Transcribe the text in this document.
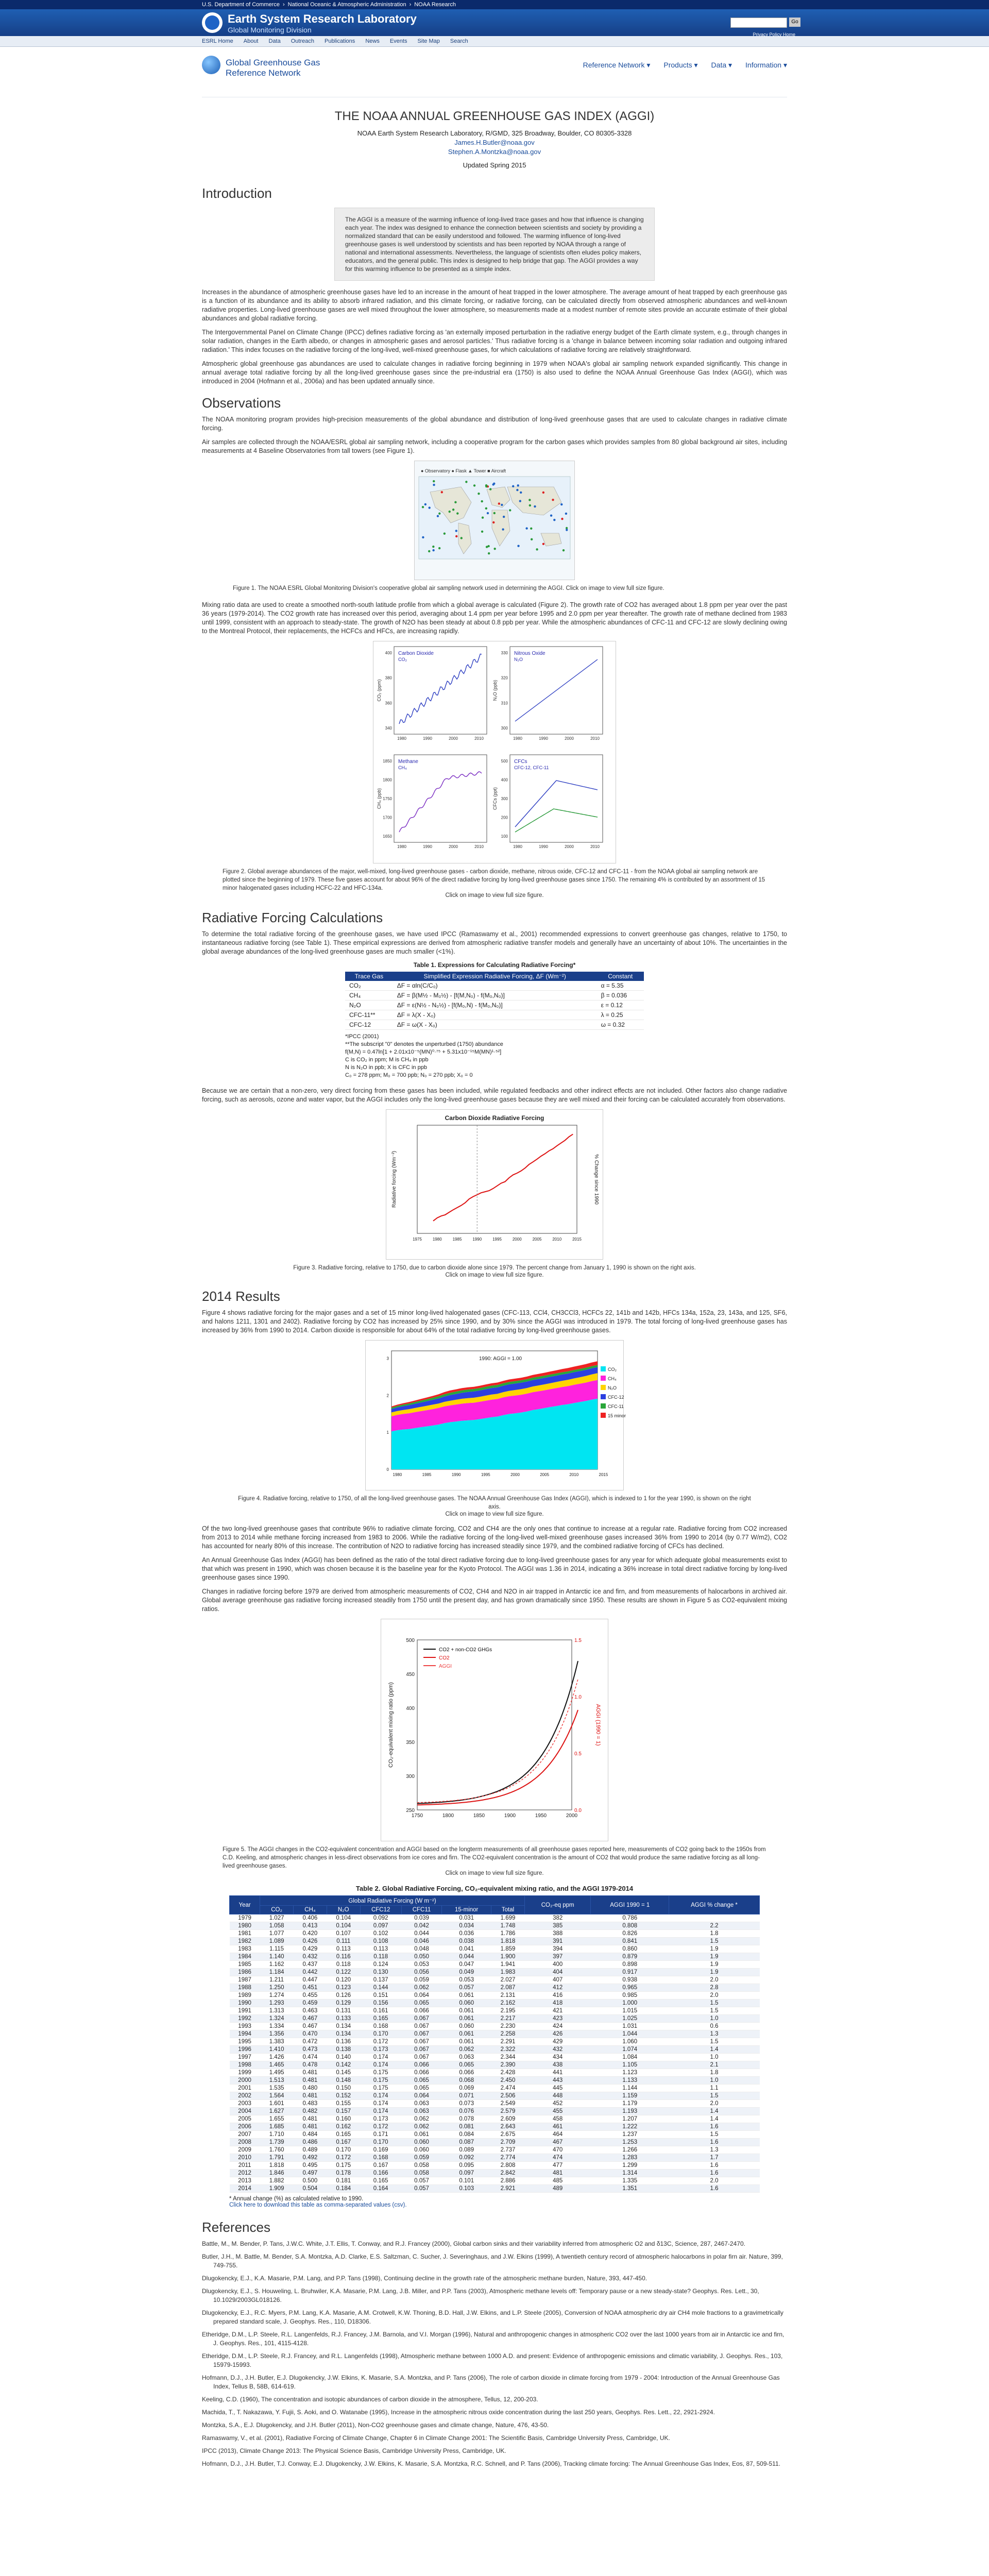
U.S. Department of Commerce › National Oceanic & Atmospheric Administration › NOAA Research
Earth System Research Laboratory
Global Monitoring Division
Go
Privacy Policy Home
ESRL Home About Data Outreach Publications News Events Site Map Search
Global Greenhouse Gas
Reference Network
Reference Network ▾ Products ▾ Data ▾ Information ▾
THE NOAA ANNUAL GREENHOUSE GAS INDEX (AGGI)
NOAA Earth System Research Laboratory, R/GMD, 325 Broadway, Boulder, CO 80305-3328
James.H.Butler@noaa.gov
Stephen.A.Montzka@noaa.gov
Updated Spring 2015
Introduction
The AGGI is a measure of the warming influence of long-lived trace gases and how that influence is changing each year. The index was designed to enhance the connection between scientists and society by providing a normalized standard that can be easily understood and followed. The warming influence of long-lived greenhouse gases is well understood by scientists and has been reported by NOAA through a range of national and international assessments. Nevertheless, the language of scientists often eludes policy makers, educators, and the general public. This index is designed to help bridge that gap. The AGGI provides a way for this warming influence to be presented as a simple index.

Increases in the abundance of atmospheric greenhouse gases have led to an increase in the amount of heat trapped in the lower atmosphere. The average amount of heat trapped by each greenhouse gas is a function of its abundance and its ability to absorb infrared radiation, and this climate forcing, or radiative forcing, can be calculated directly from observed atmospheric abundances and well-known radiative properties. Long-lived greenhouse gases are well mixed throughout the lower atmosphere, so measurements made at a modest number of remote sites provide an accurate estimate of their global abundances and global radiative forcing.

The Intergovernmental Panel on Climate Change (IPCC) defines radiative forcing as 'an externally imposed perturbation in the radiative energy budget of the Earth climate system, e.g., through changes in solar radiation, changes in the Earth albedo, or changes in atmospheric gases and aerosol particles.' Thus radiative forcing is a 'change in balance between incoming solar radiation and outgoing infrared radiation.' This index focuses on the radiative forcing of the long-lived, well-mixed greenhouse gases, for which calculations of radiative forcing are relatively straightforward.

Atmospheric global greenhouse gas abundances are used to calculate changes in radiative forcing beginning in 1979 when NOAA's global air sampling network expanded significantly. This change in annual average total radiative forcing by all the long-lived greenhouse gases since the pre-industrial era (1750) is also used to define the NOAA Annual Greenhouse Gas Index (AGGI), which was introduced in 2004 (Hofmann et al., 2006a) and has been updated annually since.

Observations

The NOAA monitoring program provides high-precision measurements of the global abundance and distribution of long-lived greenhouse gases that are used to calculate changes in radiative climate forcing.

Air samples are collected through the NOAA/ESRL global air sampling network, including a cooperative program for the carbon gases which provides samples from 80 global background air sites, including measurements at 4 Baseline Observatories from tall towers (see Figure 1).

● Observatory ● Flask ▲ Tower ■ Aircraft
Figure 1. The NOAA ESRL Global Monitoring Division's cooperative global air sampling network used in determining the AGGI. Click on image to view full size figure.

Mixing ratio data are used to create a smoothed north-south latitude profile from which a global average is calculated (Figure 2). The growth rate of CO2 has averaged about 1.8 ppm per year over the past 36 years (1979-2014). The CO2 growth rate has increased over this period, averaging about 1.4 ppm per year before 1995 and 2.0 ppm per year thereafter. The growth rate of methane declined from 1983 until 1999, consistent with an approach to steady-state. The growth of N2O has been steady at about 0.8 ppb per year. While the atmospheric abundances of CFC-11 and CFC-12 are slowly declining owing to the Montreal Protocol, their replacements, the HCFCs and HFCs, are increasing rapidly.

Carbon Dioxide
CO₂
CO₂ (ppm)
400
380
360
340
1980	1990	2000	2010
Nitrous Oxide
N₂O
N₂O (ppb)
330
320
310
300
1980	1990	2000	2010
Methane
CH₄
CH₄ (ppb)
1850
1800
1750
1700
1650
1980	1990	2000	2010
CFCs
CFC-12, CFC-11
CFCs (ppt)
500
400
300
200
100
1980	1990	2000	2010
Figure 2. Global average abundances of the major, well-mixed, long-lived greenhouse gases - carbon dioxide, methane, nitrous oxide, CFC-12 and CFC-11 - from the NOAA global air sampling network are plotted since the beginning of 1979. These five gases account for about 96% of the direct radiative forcing by long-lived greenhouse gases since 1750. The remaining 4% is contributed by an assortment of 15 minor halogenated gases including HCFC-22 and HFC-134a.
Click on image to view full size figure.
Radiative Forcing Calculations

To determine the total radiative forcing of the greenhouse gases, we have used IPCC (Ramaswamy et al., 2001) recommended expressions to convert greenhouse gas changes, relative to 1750, to instantaneous radiative forcing (see Table 1). These empirical expressions are derived from atmospheric radiative transfer models and generally have an uncertainty of about 10%. The uncertainties in the global average abundances of the long-lived greenhouse gases are much smaller (<1%).

Table 1. Expressions for Calculating Radiative Forcing*
Trace Gas	Simplified Expression Radiative Forcing, ΔF (Wm⁻²)	Constant
CO₂	ΔF = αln(C/C₀)	α = 5.35
CH₄	ΔF = β(M½ - M₀½) - [f(M,N₀) - f(M₀,N₀)]	β = 0.036
N₂O	ΔF = ε(N½ - N₀½) - [f(M₀,N) - f(M₀,N₀)]	ε = 0.12
CFC-11**	ΔF = λ(X - X₀)	λ = 0.25
CFC-12	ΔF = ω(X - X₀)	ω = 0.32
*IPCC (2001)
**The subscript "0" denotes the unperturbed (1750) abundance
f(M,N) = 0.47ln[1 + 2.01x10⁻⁵(MN)⁰·⁷⁵ + 5.31x10⁻¹⁵M(MN)¹·⁵²]
C is CO₂ in ppm; M is CH₄ in ppb
N is N₂O in ppb; X is CFC in ppb
C₀ = 278 ppm; M₀ = 700 ppb; N₀ = 270 ppb; X₀ = 0

Because we are certain that a non-zero, very direct forcing from these gases has been included, while regulated feedbacks and other indirect effects are not included. Other factors also change radiative forcing, such as aerosols, ozone and water vapor, but the AGGI includes only the long-lived greenhouse gases because they are well mixed and their forcing can be calculated accurately from observations.

Carbon Dioxide Radiative Forcing
Radiative forcing (Wm⁻²)	% Change since 1990
1975	1980	1985	1990	1995	2000	2005	2010	2015
Figure 3. Radiative forcing, relative to 1750, due to carbon dioxide alone since 1979. The percent change from January 1, 1990 is shown on the right axis.
Click on image to view full size figure.
2014 Results

Figure 4 shows radiative forcing for the major gases and a set of 15 minor long-lived halogenated gases (CFC-113, CCl4, CH3CCl3, HCFCs 22, 141b and 142b, HFCs 134a, 152a, 23, 143a, and 125, SF6, and halons 1211, 1301 and 2402). Radiative forcing by CO2 has increased by 25% since 1990, and by 30% since the AGGI was introduced in 1979. The total forcing of long-lived greenhouse gases has increased by 36% from 1990 to 2014. Carbon dioxide is responsible for about 64% of the total radiative forcing by long-lived greenhouse gases.

1990: AGGI = 1.00
CO₂
CH₄
N₂O
CFC-12
CFC-11
15 minor
1980	1985	1990	1995	2000	2005	2010	2015
0
1
2
3
Figure 4. Radiative forcing, relative to 1750, of all the long-lived greenhouse gases. The NOAA Annual Greenhouse Gas Index (AGGI), which is indexed to 1 for the year 1990, is shown on the right axis.
Click on image to view full size figure.

Of the two long-lived greenhouse gases that contribute 96% to radiative climate forcing, CO2 and CH4 are the only ones that continue to increase at a regular rate. Radiative forcing from CO2 increased from 2013 to 2014 while methane forcing increased from 1983 to 2006. While the radiative forcing of the long-lived well-mixed greenhouse gases increased 36% from 1990 to 2014 (by 0.77 W/m2), CO2 has accounted for nearly 80% of this increase. The contribution of N2O to radiative forcing has increased steadily since 1979, and the combined radiative forcing of CFCs has declined.

An Annual Greenhouse Gas Index (AGGI) has been defined as the ratio of the total direct radiative forcing due to long-lived greenhouse gases for any year for which adequate global measurements exist to that which was present in 1990, which was chosen because it is the baseline year for the Kyoto Protocol. The AGGI was 1.36 in 2014, indicating a 36% increase in total direct radiative forcing by long-lived greenhouse gases since 1990.

Changes in radiative forcing before 1979 are derived from atmospheric measurements of CO2, CH4 and N2O in air trapped in Antarctic ice and firn, and from measurements of halocarbons in archived air. Global average greenhouse gas radiative forcing increased steadily from 1750 until the present day, and has grown dramatically since 1950. These results are shown in Figure 5 as CO2-equivalent mixing ratios.

CO₂-equivalent mixing ratio (ppm)	AGGI (1990 = 1)
1750	1800	1850	1900	1950	2000
500
450
400
350
300
250
1.5
1.0
0.5
0.0
CO2 + non-CO2 GHGs
CO2
AGGI
Figure 5. The AGGI changes in the CO2-equivalent concentration and AGGI based on the longterm measurements of all greenhouse gases reported here, measurements of CO2 going back to the 1950s from C.D. Keeling, and atmospheric changes in less-direct observations from ice cores and firn. The CO2-equivalent concentration is the amount of CO2 that would produce the same radiative forcing as all long-lived greenhouse gases.
Click on image to view full size figure.
Table 2. Global Radiative Forcing, CO₂-equivalent mixing ratio, and the AGGI 1979-2014
Year	Global Radiative Forcing (W m⁻²)							CO₂-eq ppm	AGGI 1990 = 1	AGGI % change *
	CO₂	CH₄	N₂O	CFC12	CFC11	15-minor	Total			
1979	1.027	0.406	0.104	0.092	0.039	0.031	1.699	382	0.786	
1980	1.058	0.413	0.104	0.097	0.042	0.034	1.748	385	0.808	2.2
1981	1.077	0.420	0.107	0.102	0.044	0.036	1.786	388	0.826	1.8
1982	1.089	0.426	0.111	0.108	0.046	0.038	1.818	391	0.841	1.5
1983	1.115	0.429	0.113	0.113	0.048	0.041	1.859	394	0.860	1.9
1984	1.140	0.432	0.116	0.118	0.050	0.044	1.900	397	0.879	1.9
1985	1.162	0.437	0.118	0.124	0.053	0.047	1.941	400	0.898	1.9
1986	1.184	0.442	0.122	0.130	0.056	0.049	1.983	404	0.917	1.9
1987	1.211	0.447	0.120	0.137	0.059	0.053	2.027	407	0.938	2.0
1988	1.250	0.451	0.123	0.144	0.062	0.057	2.087	412	0.965	2.8
1989	1.274	0.455	0.126	0.151	0.064	0.061	2.131	416	0.985	2.0
1990	1.293	0.459	0.129	0.156	0.065	0.060	2.162	418	1.000	1.5
1991	1.313	0.463	0.131	0.161	0.066	0.061	2.195	421	1.015	1.5
1992	1.324	0.467	0.133	0.165	0.067	0.061	2.217	423	1.025	1.0
1993	1.334	0.467	0.134	0.168	0.067	0.060	2.230	424	1.031	0.6
1994	1.356	0.470	0.134	0.170	0.067	0.061	2.258	426	1.044	1.3
1995	1.383	0.472	0.136	0.172	0.067	0.061	2.291	429	1.060	1.5
1996	1.410	0.473	0.138	0.173	0.067	0.062	2.322	432	1.074	1.4
1997	1.426	0.474	0.140	0.174	0.067	0.063	2.344	434	1.084	1.0
1998	1.465	0.478	0.142	0.174	0.066	0.065	2.390	438	1.105	2.1
1999	1.495	0.481	0.145	0.175	0.066	0.066	2.428	441	1.123	1.8
2000	1.513	0.481	0.148	0.175	0.065	0.068	2.450	443	1.133	1.0
2001	1.535	0.480	0.150	0.175	0.065	0.069	2.474	445	1.144	1.1
2002	1.564	0.481	0.152	0.174	0.064	0.071	2.506	448	1.159	1.5
2003	1.601	0.483	0.155	0.174	0.063	0.073	2.549	452	1.179	2.0
2004	1.627	0.482	0.157	0.174	0.063	0.076	2.579	455	1.193	1.4
2005	1.655	0.481	0.160	0.173	0.062	0.078	2.609	458	1.207	1.4
2006	1.685	0.481	0.162	0.172	0.062	0.081	2.643	461	1.222	1.6
2007	1.710	0.484	0.165	0.171	0.061	0.084	2.675	464	1.237	1.5
2008	1.739	0.486	0.167	0.170	0.060	0.087	2.709	467	1.253	1.6
2009	1.760	0.489	0.170	0.169	0.060	0.089	2.737	470	1.266	1.3
2010	1.791	0.492	0.172	0.168	0.059	0.092	2.774	474	1.283	1.7
2011	1.818	0.495	0.175	0.167	0.058	0.095	2.808	477	1.299	1.6
2012	1.846	0.497	0.178	0.166	0.058	0.097	2.842	481	1.314	1.6
2013	1.882	0.500	0.181	0.165	0.057	0.101	2.886	485	1.335	2.0
2014	1.909	0.504	0.184	0.164	0.057	0.103	2.921	489	1.351	1.6
* Annual change (%) as calculated relative to 1990.
Click here to download this table as comma-separated values (csv).
References

Battle, M., M. Bender, P. Tans, J.W.C. White, J.T. Ellis, T. Conway, and R.J. Francey (2000), Global carbon sinks and their variability inferred from atmospheric O2 and δ13C, Science, 287, 2467-2470.

Butler, J.H., M. Battle, M. Bender, S.A. Montzka, A.D. Clarke, E.S. Saltzman, C. Sucher, J. Severinghaus, and J.W. Elkins (1999), A twentieth century record of atmospheric halocarbons in polar firn air. Nature, 399, 749-755.

Dlugokencky, E.J., K.A. Masarie, P.M. Lang, and P.P. Tans (1998), Continuing decline in the growth rate of the atmospheric methane burden, Nature, 393, 447-450.

Dlugokencky, E.J., S. Houweling, L. Bruhwiler, K.A. Masarie, P.M. Lang, J.B. Miller, and P.P. Tans (2003), Atmospheric methane levels off: Temporary pause or a new steady-state? Geophys. Res. Lett., 30, 10.1029/2003GL018126.

Dlugokencky, E.J., R.C. Myers, P.M. Lang, K.A. Masarie, A.M. Crotwell, K.W. Thoning, B.D. Hall, J.W. Elkins, and L.P. Steele (2005), Conversion of NOAA atmospheric dry air CH4 mole fractions to a gravimetrically prepared standard scale, J. Geophys. Res., 110, D18306.

Etheridge, D.M., L.P. Steele, R.L. Langenfelds, R.J. Francey, J.M. Barnola, and V.I. Morgan (1996), Natural and anthropogenic changes in atmospheric CO2 over the last 1000 years from air in Antarctic ice and firn, J. Geophys. Res., 101, 4115-4128.

Etheridge, D.M., L.P. Steele, R.J. Francey, and R.L. Langenfelds (1998), Atmospheric methane between 1000 A.D. and present: Evidence of anthropogenic emissions and climatic variability, J. Geophys. Res., 103, 15979-15993.

Hofmann, D.J., J.H. Butler, E.J. Dlugokencky, J.W. Elkins, K. Masarie, S.A. Montzka, and P. Tans (2006), The role of carbon dioxide in climate forcing from 1979 - 2004: Introduction of the Annual Greenhouse Gas Index, Tellus B, 58B, 614-619.

Keeling, C.D. (1960), The concentration and isotopic abundances of carbon dioxide in the atmosphere, Tellus, 12, 200-203.

Machida, T., T. Nakazawa, Y. Fujii, S. Aoki, and O. Watanabe (1995), Increase in the atmospheric nitrous oxide concentration during the last 250 years, Geophys. Res. Lett., 22, 2921-2924.

Montzka, S.A., E.J. Dlugokencky, and J.H. Butler (2011), Non-CO2 greenhouse gases and climate change, Nature, 476, 43-50.

Ramaswamy, V., et al. (2001), Radiative Forcing of Climate Change, Chapter 6 in Climate Change 2001: The Scientific Basis, Cambridge University Press, Cambridge, UK.

IPCC (2013), Climate Change 2013: The Physical Science Basis, Cambridge University Press, Cambridge, UK.

Hofmann, D.J., J.H. Butler, T.J. Conway, E.J. Dlugokencky, J.W. Elkins, K. Masarie, S.A. Montzka, R.C. Schnell, and P. Tans (2006), Tracking climate forcing: The Annual Greenhouse Gas Index, Eos, 87, 509-511.
